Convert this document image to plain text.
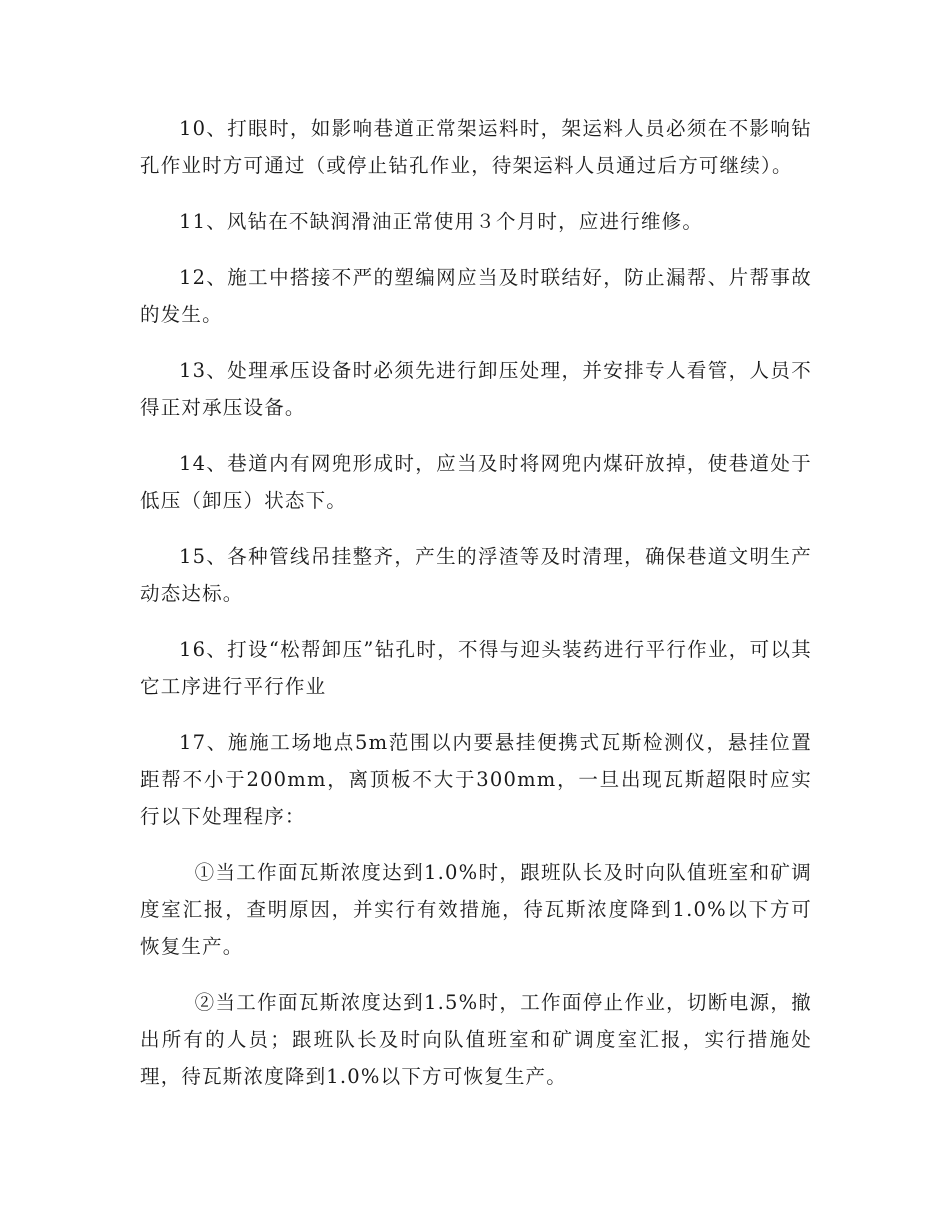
10、打眼时，如影响巷道正常架运料时，架运料人员必须在不影响钻孔作业时方可通过（或停止钻孔作业，待架运料人员通过后方可继续）。

11、风钻在不缺润滑油正常使用３个月时，应进行维修。

12、施工中搭接不严的塑编网应当及时联结好，防止漏帮、片帮事故的发生。

13、处理承压设备时必须先进行卸压处理，并安排专人看管，人员不得正对承压设备。

14、巷道内有网兜形成时，应当及时将网兜内煤矸放掉，使巷道处于低压（卸压）状态下。

15、各种管线吊挂整齐，产生的浮渣等及时清理，确保巷道文明生产动态达标。

16、打设“松帮卸压”钻孔时，不得与迎头装药进行平行作业，可以其它工序进行平行作业

17、施施工场地点5m范围以内要悬挂便携式瓦斯检测仪，悬挂位置距帮不小于200mm，离顶板不大于300mm，一旦出现瓦斯超限时应实行以下处理程序：

①当工作面瓦斯浓度达到1.0%时，跟班队长及时向队值班室和矿调度室汇报，查明原因，并实行有效措施，待瓦斯浓度降到1.0%以下方可恢复生产。

②当工作面瓦斯浓度达到1.5%时，工作面停止作业，切断电源，撤出所有的人员；跟班队长及时向队值班室和矿调度室汇报，实行措施处理，待瓦斯浓度降到1.0%以下方可恢复生产。
